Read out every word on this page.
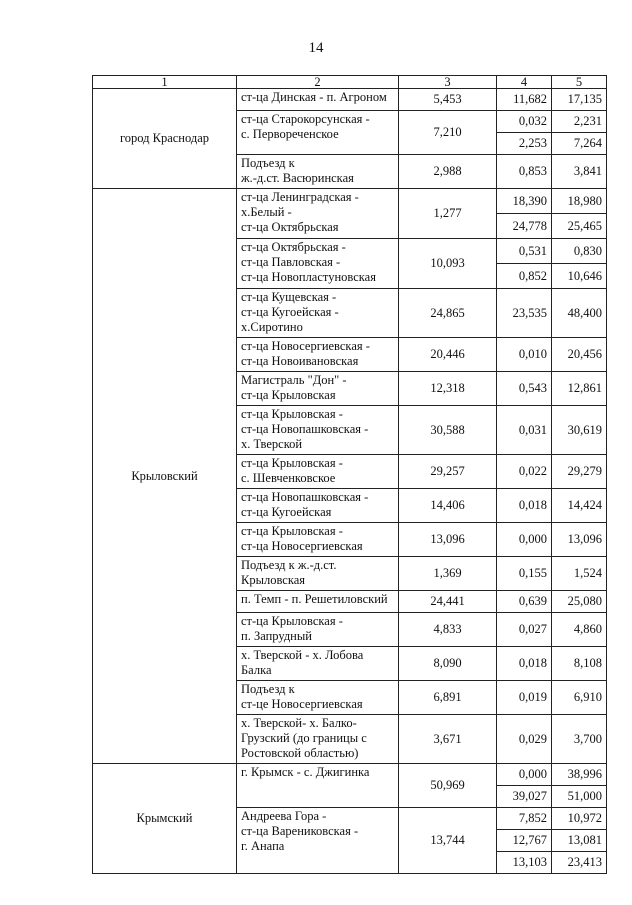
14
1	2	3	4	5
город Краснодар	ст-ца Динская - п. Агроном	5,453	11,682	17,135

	ст-ца Старокорсунская -
с. Первореченское	7,210	0,032	2,231
			2,253	7,264

	Подъезд к
ж.-д.ст. Васюринская	2,988	0,853	3,841
Крыловский	ст-ца Ленинградская -
х.Белый -
ст-ца Октябрьская	1,277	18,390	18,980
			24,778	25,465

	ст-ца Октябрьская -
ст-ца Павловская -
ст-ца Новопластуновская	10,093	0,531	0,830
			0,852	10,646

	ст-ца Кущевская -
ст-ца Кугоейская -
х.Сиротино	24,865	23,535	48,400

	ст-ца Новосергиевская -
ст-ца Новоивановская	20,446	0,010	20,456

	Магистраль "Дон" -
ст-ца Крыловская	12,318	0,543	12,861

	ст-ца Крыловская -
ст-ца Новопашковская -
х. Тверской	30,588	0,031	30,619

	ст-ца Крыловская -
с. Шевченковское	29,257	0,022	29,279

	ст-ца Новопашковская -
ст-ца Кугоейская	14,406	0,018	14,424

	ст-ца Крыловская -
ст-ца Новосергиевская	13,096	0,000	13,096

	Подъезд к ж.-д.ст.
Крыловская	1,369	0,155	1,524

	п. Темп - п. Решетиловский	24,441	0,639	25,080

	ст-ца Крыловская -
п. Запрудный	4,833	0,027	4,860

	х. Тверской - х. Лобова
Балка	8,090	0,018	8,108

	Подъезд к
ст-це Новосергиевская	6,891	0,019	6,910

	х. Тверской- х. Балко-
Грузский (до границы с
Ростовской областью)	3,671	0,029	3,700
Крымский	г. Крымск - с. Джигинка	50,969	0,000	38,996
			39,027	51,000

	Андреева Гора -
ст-ца Варениковская -
г. Анапа	13,744	7,852	10,972
			12,767	13,081
			13,103	23,413
